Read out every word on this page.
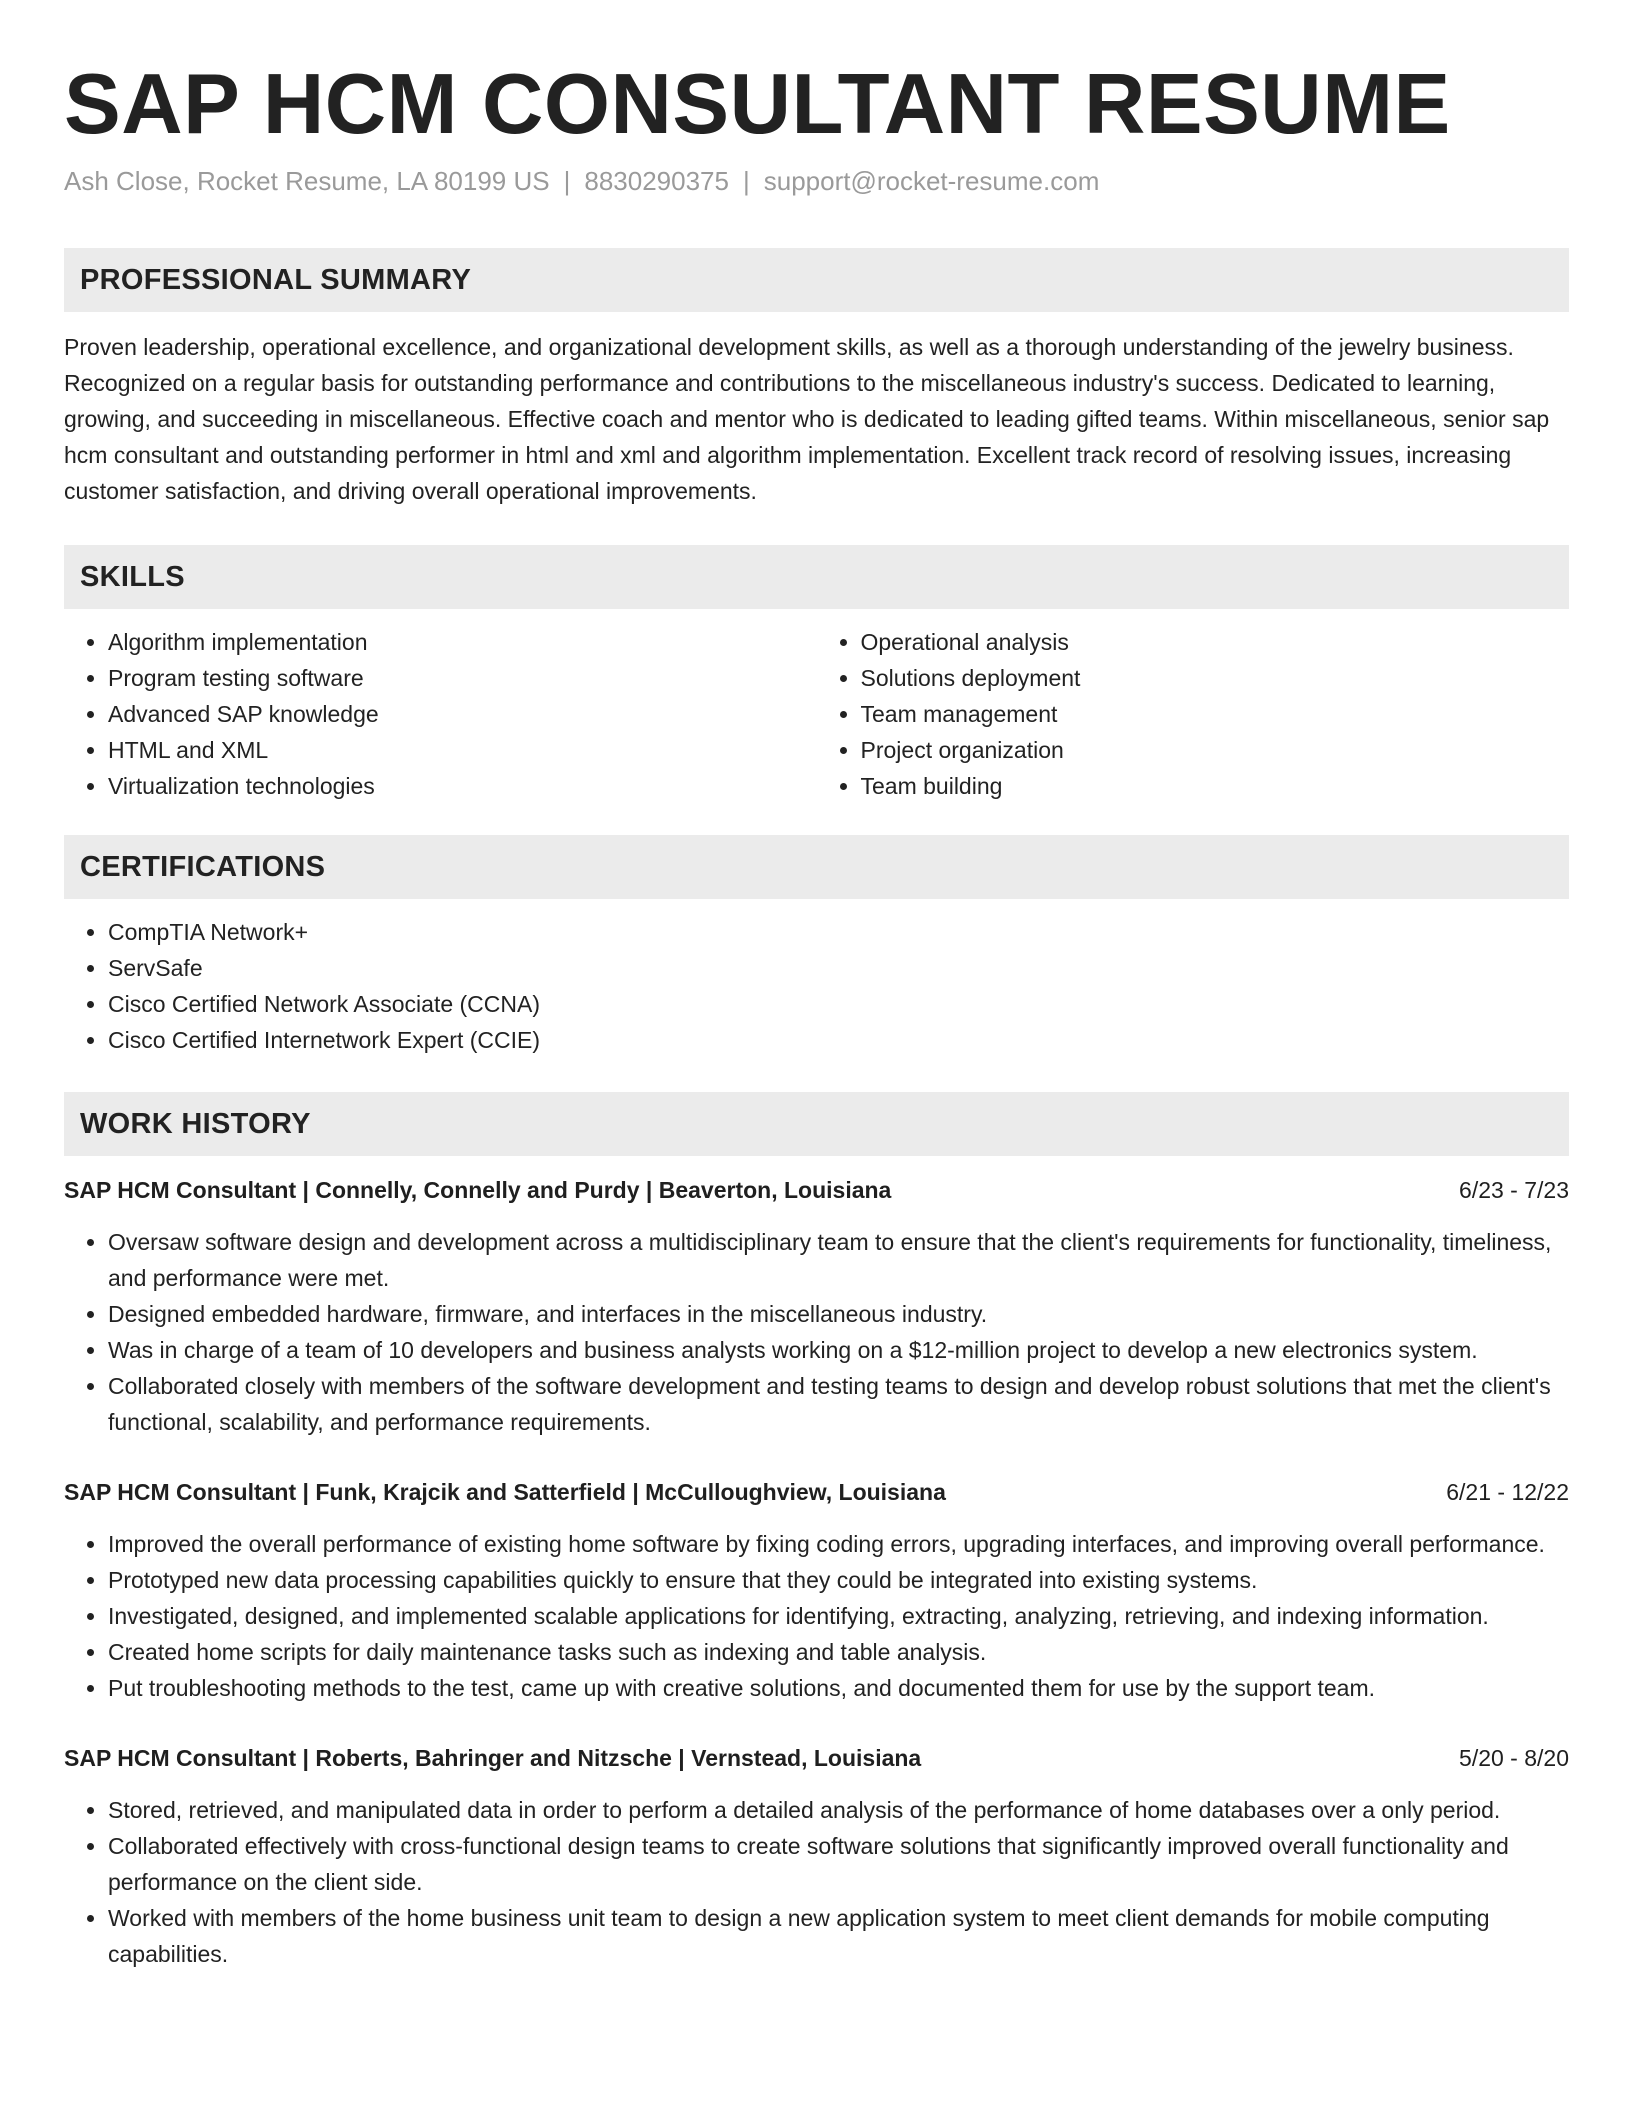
SAP HCM CONSULTANT RESUME
Ash Close, Rocket Resume, LA 80199 US | 8830290375 | support@rocket-resume.com
PROFESSIONAL SUMMARY
Proven leadership, operational excellence, and organizational development skills, as well as a thorough understanding of the jewelry business. Recognized on a regular basis for outstanding performance and contributions to the miscellaneous industry's success. Dedicated to learning, growing, and succeeding in miscellaneous. Effective coach and mentor who is dedicated to leading gifted teams. Within miscellaneous, senior sap hcm consultant and outstanding performer in html and xml and algorithm implementation. Excellent track record of resolving issues, increasing customer satisfaction, and driving overall operational improvements.
SKILLS
• Algorithm implementation
• Program testing software
• Advanced SAP knowledge
• HTML and XML
• Virtualization technologies
• Operational analysis
• Solutions deployment
• Team management
• Project organization
• Team building
CERTIFICATIONS
• CompTIA Network+
• ServSafe
• Cisco Certified Network Associate (CCNA)
• Cisco Certified Internetwork Expert (CCIE)
WORK HISTORY
SAP HCM Consultant | Connelly, Connelly and Purdy | Beaverton, Louisiana	6/23 - 7/23
• Oversaw software design and development across a multidisciplinary team to ensure that the client's requirements for functionality, timeliness, and performance were met.
• Designed embedded hardware, firmware, and interfaces in the miscellaneous industry.
• Was in charge of a team of 10 developers and business analysts working on a $12-million project to develop a new electronics system.
• Collaborated closely with members of the software development and testing teams to design and develop robust solutions that met the client's functional, scalability, and performance requirements.
SAP HCM Consultant | Funk, Krajcik and Satterfield | McCulloughview, Louisiana	6/21 - 12/22
• Improved the overall performance of existing home software by fixing coding errors, upgrading interfaces, and improving overall performance.
• Prototyped new data processing capabilities quickly to ensure that they could be integrated into existing systems.
• Investigated, designed, and implemented scalable applications for identifying, extracting, analyzing, retrieving, and indexing information.
• Created home scripts for daily maintenance tasks such as indexing and table analysis.
• Put troubleshooting methods to the test, came up with creative solutions, and documented them for use by the support team.
SAP HCM Consultant | Roberts, Bahringer and Nitzsche | Vernstead, Louisiana	5/20 - 8/20
• Stored, retrieved, and manipulated data in order to perform a detailed analysis of the performance of home databases over a only period.
• Collaborated effectively with cross-functional design teams to create software solutions that significantly improved overall functionality and performance on the client side.
• Worked with members of the home business unit team to design a new application system to meet client demands for mobile computing capabilities.
